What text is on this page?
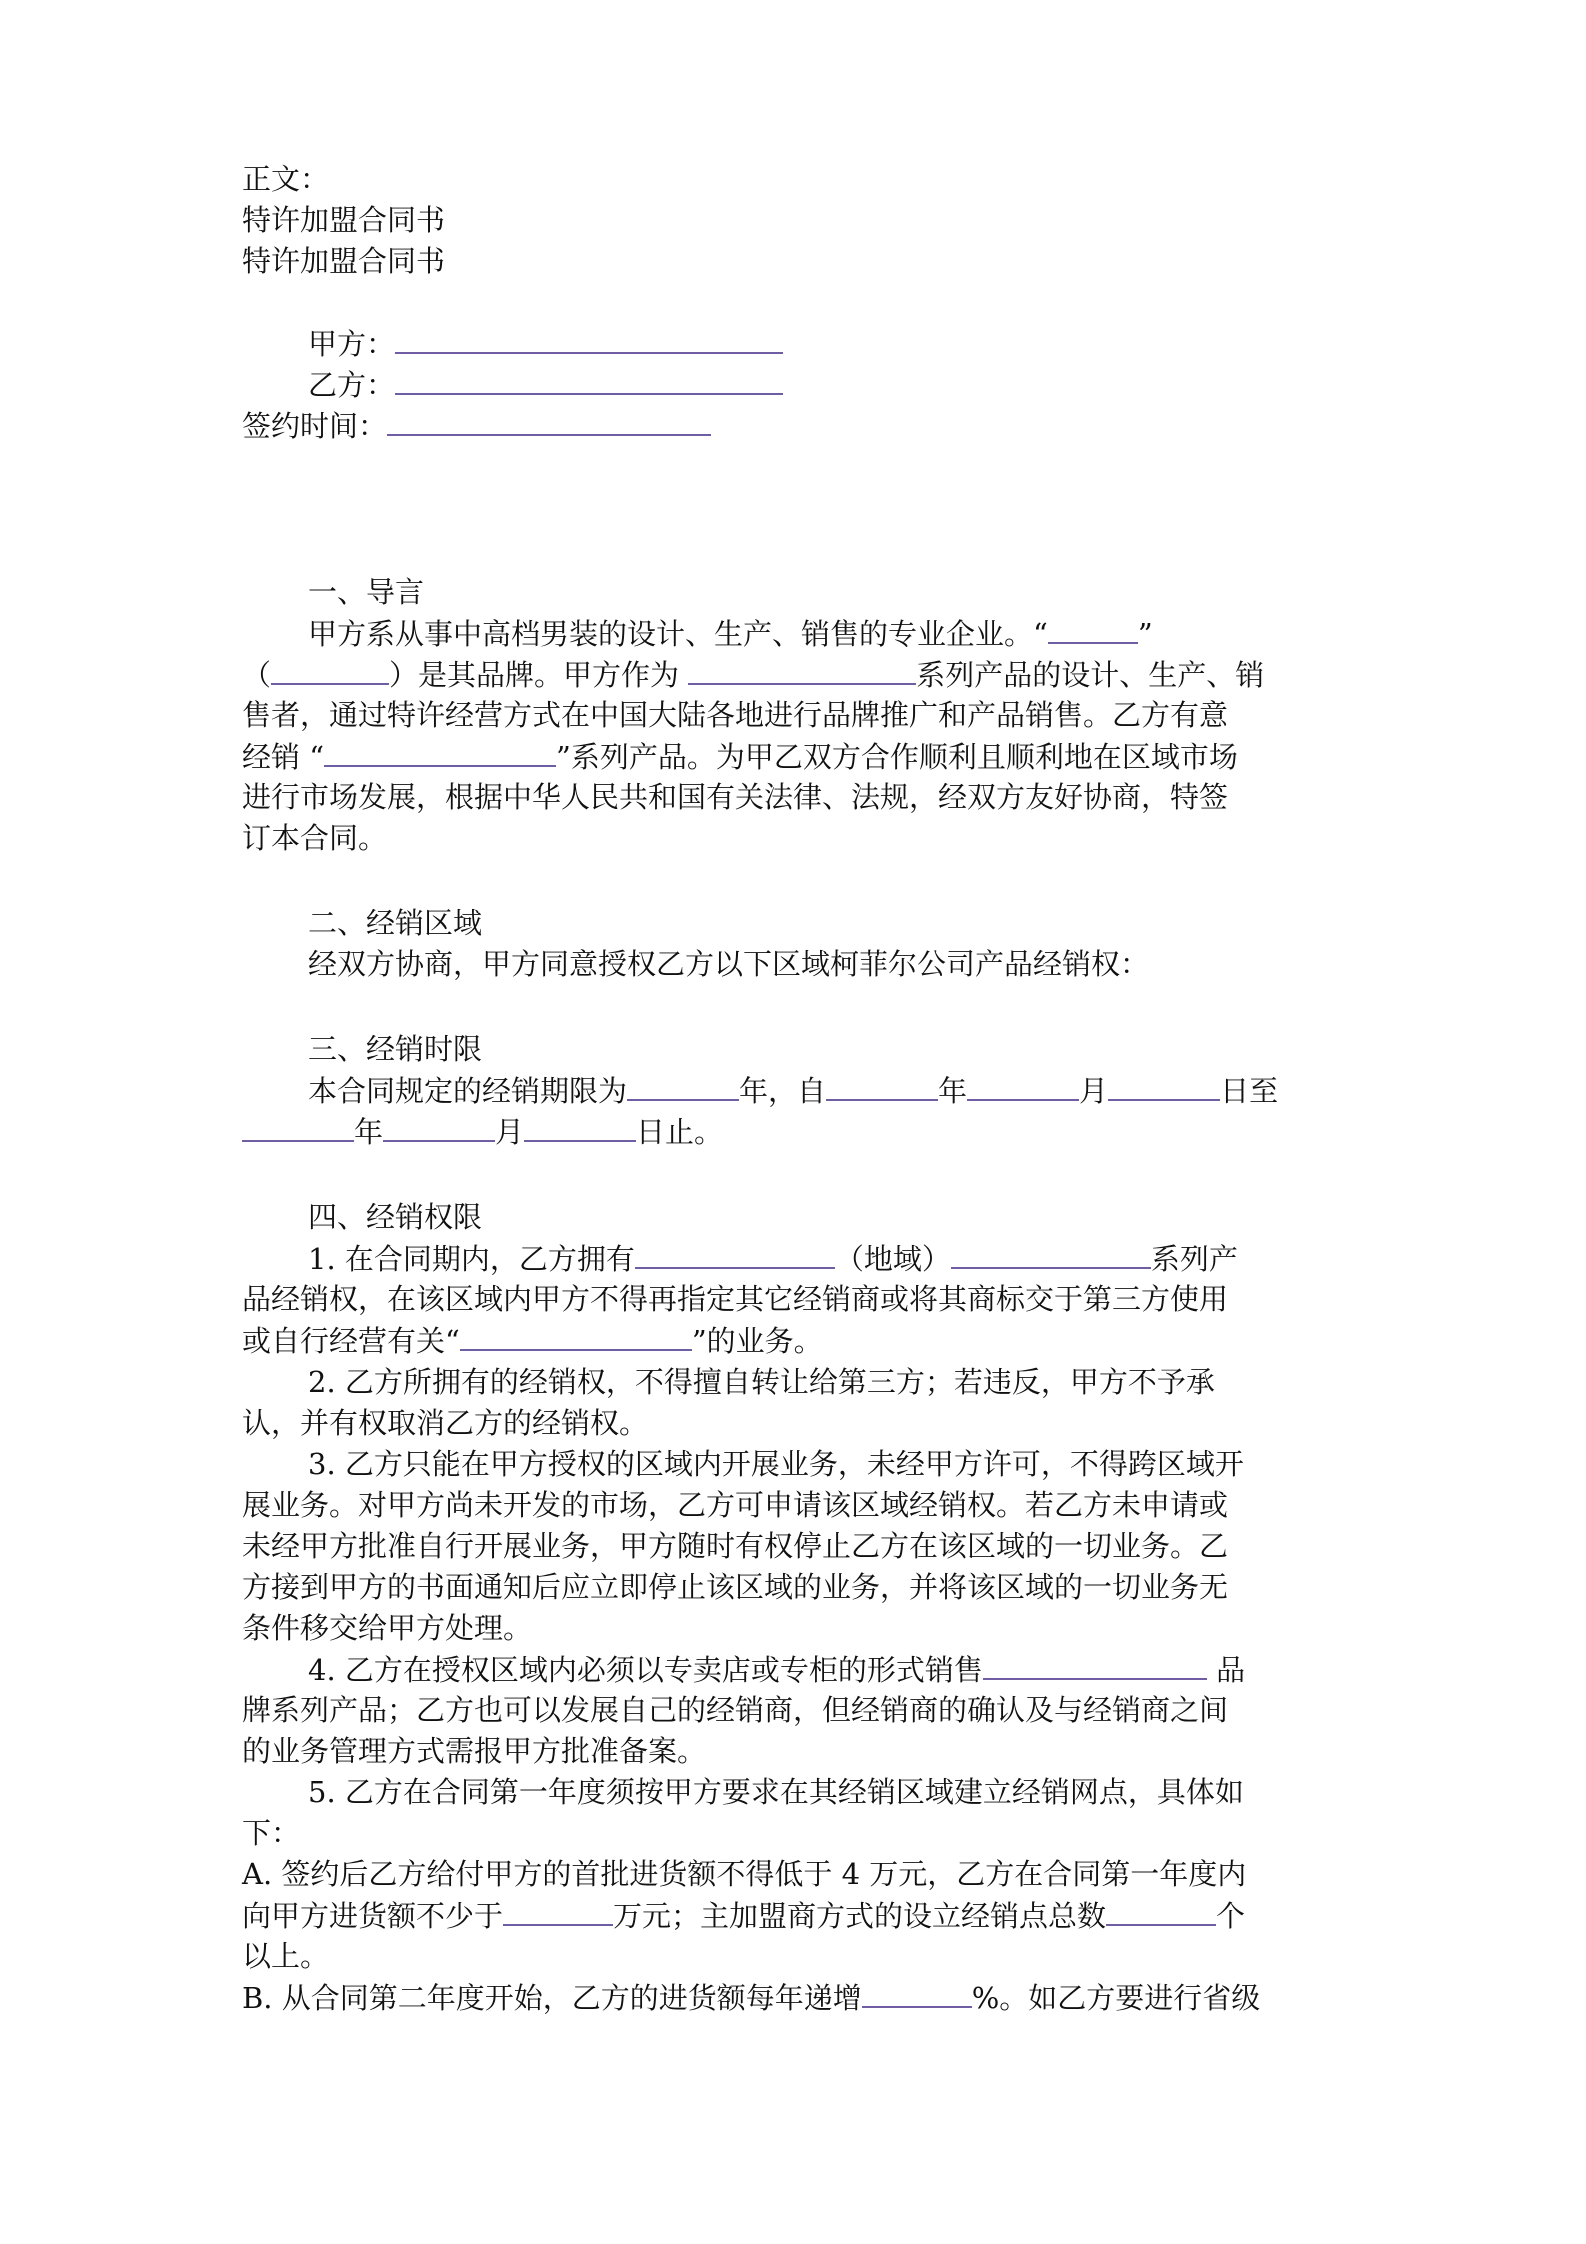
正文：

特许加盟合同书

特许加盟合同书

甲方：

乙方：

签约时间：

一、导言

甲方系从事中高档男装的设计、生产、销售的专业企业。“	”

（	）是其品牌。甲方作为	系列产品的设计、生产、销

售者，通过特许经营方式在中国大陆各地进行品牌推广和产品销售。乙方有意

经销 “	”系列产品。为甲乙双方合作顺利且顺利地在区域市场

进行市场发展，根据中华人民共和国有关法律、法规，经双方友好协商，特签

订本合同。

二、经销区域

经双方协商，甲方同意授权乙方以下区域柯菲尔公司产品经销权：

三、经销时限

本合同规定的经销期限为	年，自	年	月	日至

年	月	日止。

四、经销权限

1. 在合同期内，乙方拥有	（地域）	系列产

品经销权，在该区域内甲方不得再指定其它经销商或将其商标交于第三方使用

或自行经营有关“	”的业务。

2. 乙方所拥有的经销权，不得擅自转让给第三方；若违反，甲方不予承

认，并有权取消乙方的经销权。

3. 乙方只能在甲方授权的区域内开展业务，未经甲方许可，不得跨区域开

展业务。对甲方尚未开发的市场，乙方可申请该区域经销权。若乙方未申请或

未经甲方批准自行开展业务，甲方随时有权停止乙方在该区域的一切业务。乙

方接到甲方的书面通知后应立即停止该区域的业务，并将该区域的一切业务无

条件移交给甲方处理。

4. 乙方在授权区域内必须以专卖店或专柜的形式销售	品

牌系列产品；乙方也可以发展自己的经销商，但经销商的确认及与经销商之间

的业务管理方式需报甲方批准备案。

5. 乙方在合同第一年度须按甲方要求在其经销区域建立经销网点，具体如

下：

A. 签约后乙方给付甲方的首批进货额不得低于 4 万元，乙方在合同第一年度内

向甲方进货额不少于	万元；主加盟商方式的设立经销点总数	个

以上。

B. 从合同第二年度开始，乙方的进货额每年递增	%。如乙方要进行省级
